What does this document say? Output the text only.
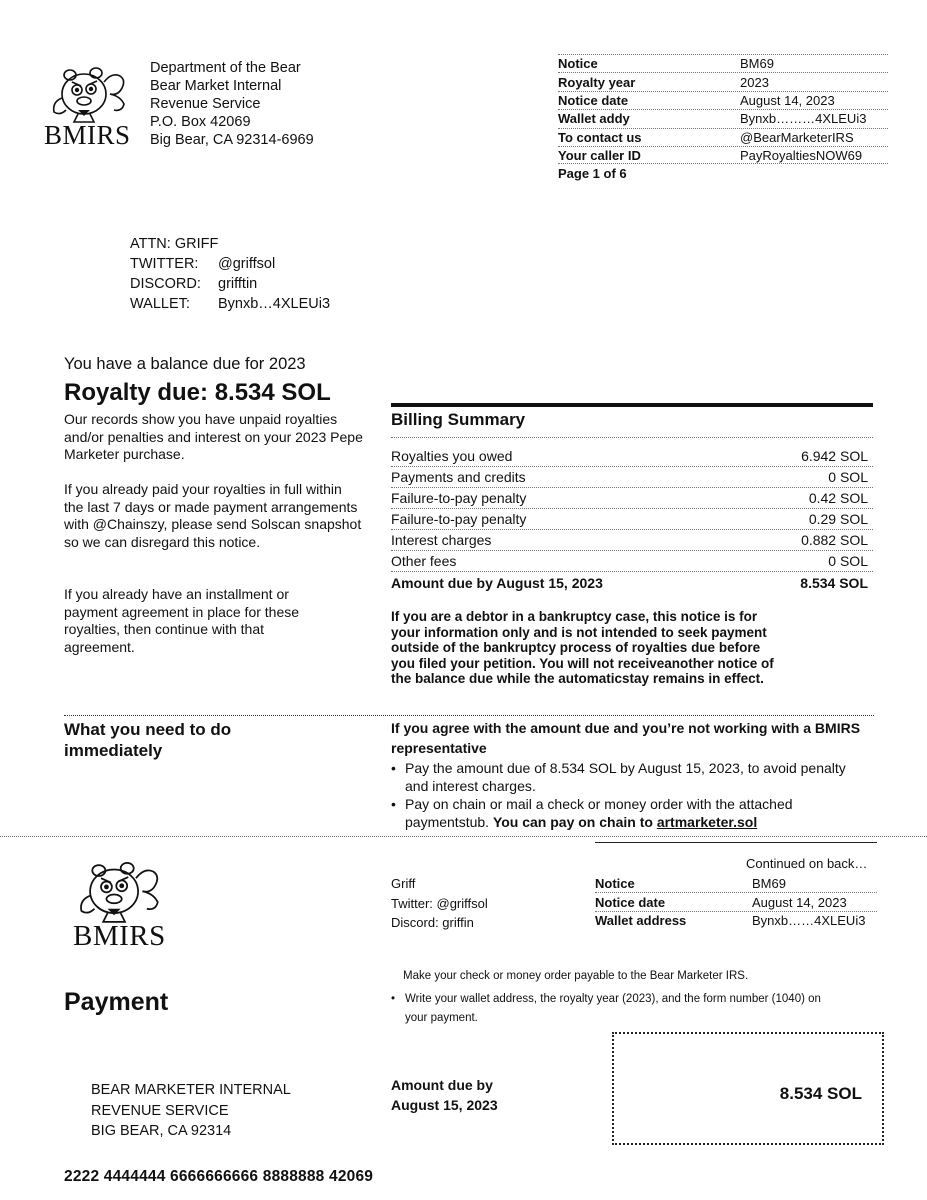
BMIRS
Department of the Bear
Bear Market Internal
Revenue Service
P.O. Box 42069
Big Bear, CA 92314-6969
Notice	BM69
Royalty year	2023
Notice date	August 14, 2023
Wallet addy	Bynxb………4XLEUi3
To contact us	@BearMarketerIRS
Your caller ID	PayRoyaltiesNOW69
Page 1 of 6
ATTN: GRIFF
TWITTER:	@griffsol
DISCORD:	grifftin
WALLET:	Bynxb…4XLEUi3
You have a balance due for 2023
Royalty due: 8.534 SOL
Our records show you have unpaid royalties and/or penalties and interest on your 2023 Pepe Marketer purchase.
If you already paid your royalties in full within the last 7 days or made payment arrangements with @Chainszy, please send Solscan snapshot so we can disregard this notice.
If you already have an installment or payment agreement in place for these royalties, then continue with that agreement.
Billing Summary
Royalties you owed	6.942 SOL
Payments and credits	0 SOL
Failure-to-pay penalty	0.42 SOL
Failure-to-pay penalty	0.29 SOL
Interest charges	0.882 SOL
Other fees	0 SOL
Amount due by August 15, 2023	8.534 SOL
If you are a debtor in a bankruptcy case, this notice is for your information only and is not intended to seek payment outside of the bankruptcy process of royalties due before you filed your petition. You will not receiveanother notice of the balance due while the automaticstay remains in effect.
What you need to do immediately
If you agree with the amount due and you’re not working with a BMIRS representative
• Pay the amount due of 8.534 SOL by August 15, 2023, to avoid penalty and interest charges.
• Pay on chain or mail a check or money order with the attached paymentstub. You can pay on chain to artmarketer.sol
BMIRS
Continued on back…
Griff
Twitter: @griffsol
Discord: griffin
Notice	BM69
Notice date	August 14, 2023
Wallet address	Bynxb……4XLEUi3
Make your check or money order payable to the Bear Marketer IRS.
• Write your wallet address, the royalty year (2023), and the form number (1040) on your payment.
Payment
BEAR MARKETER INTERNAL
REVENUE SERVICE
BIG BEAR, CA 92314
Amount due by
August 15, 2023
8.534 SOL
2222 4444444 6666666666 8888888 42069
